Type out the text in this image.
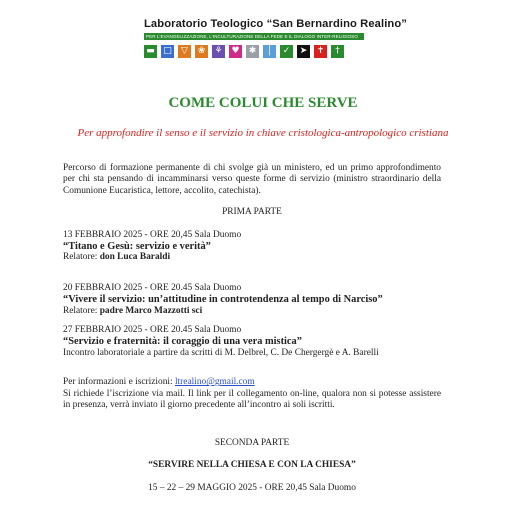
Laboratorio Teologico “San Bernardino Realino”
PER L'EVANGELIZZAZIONE, L'INCULTURAZIONE DELLA FEDE E IL DIALOGO INTER-RELIGIOSO
▬ □	▽	❀	⚘ ♥	✱	│	✓	➤	✝	†
COME COLUI CHE SERVE

Per approfondire il senso e il servizio in chiave cristologica-antropologico cristiana

Percorso di formazione permanente di chi svolge già un ministero, ed un primo approfondimento per chi sta pensando di incamminarsi verso queste forme di servizio (ministro straordinario della Comunione Eucaristica, lettore, accolito, catechista).

PRIMA PARTE

13 FEBBRAIO 2025 - ORE 20,45 Sala Duomo

“Titano e Gesù: servizio e verità”

Relatore: don Luca Baraldi

20 FEBBRAIO 2025 - ORE 20.45 Sala Duomo

“Vivere il servizio: un’attitudine in controtendenza al tempo di Narciso”

Relatore: padre Marco Mazzotti sci

27 FEBBRAIO 2025 - ORE 20.45 Sala Duomo

“Servizio e fraternità: il coraggio di una vera mistica”

Incontro laboratoriale a partire da scritti di M. Delbrel, C. De Chergergè e A. Barelli

Per informazioni e iscrizioni: ltrealino@gmail.com

Si richiede l’iscrizione via mail. Il link per il collegamento on-line, qualora non si potesse assistere in presenza, verrà inviato il giorno precedente all’incontro ai soli iscritti.

SECONDA PARTE

“SERVIRE NELLA CHIESA E CON LA CHIESA”

15 – 22 – 29 MAGGIO 2025 - ORE 20,45 Sala Duomo
